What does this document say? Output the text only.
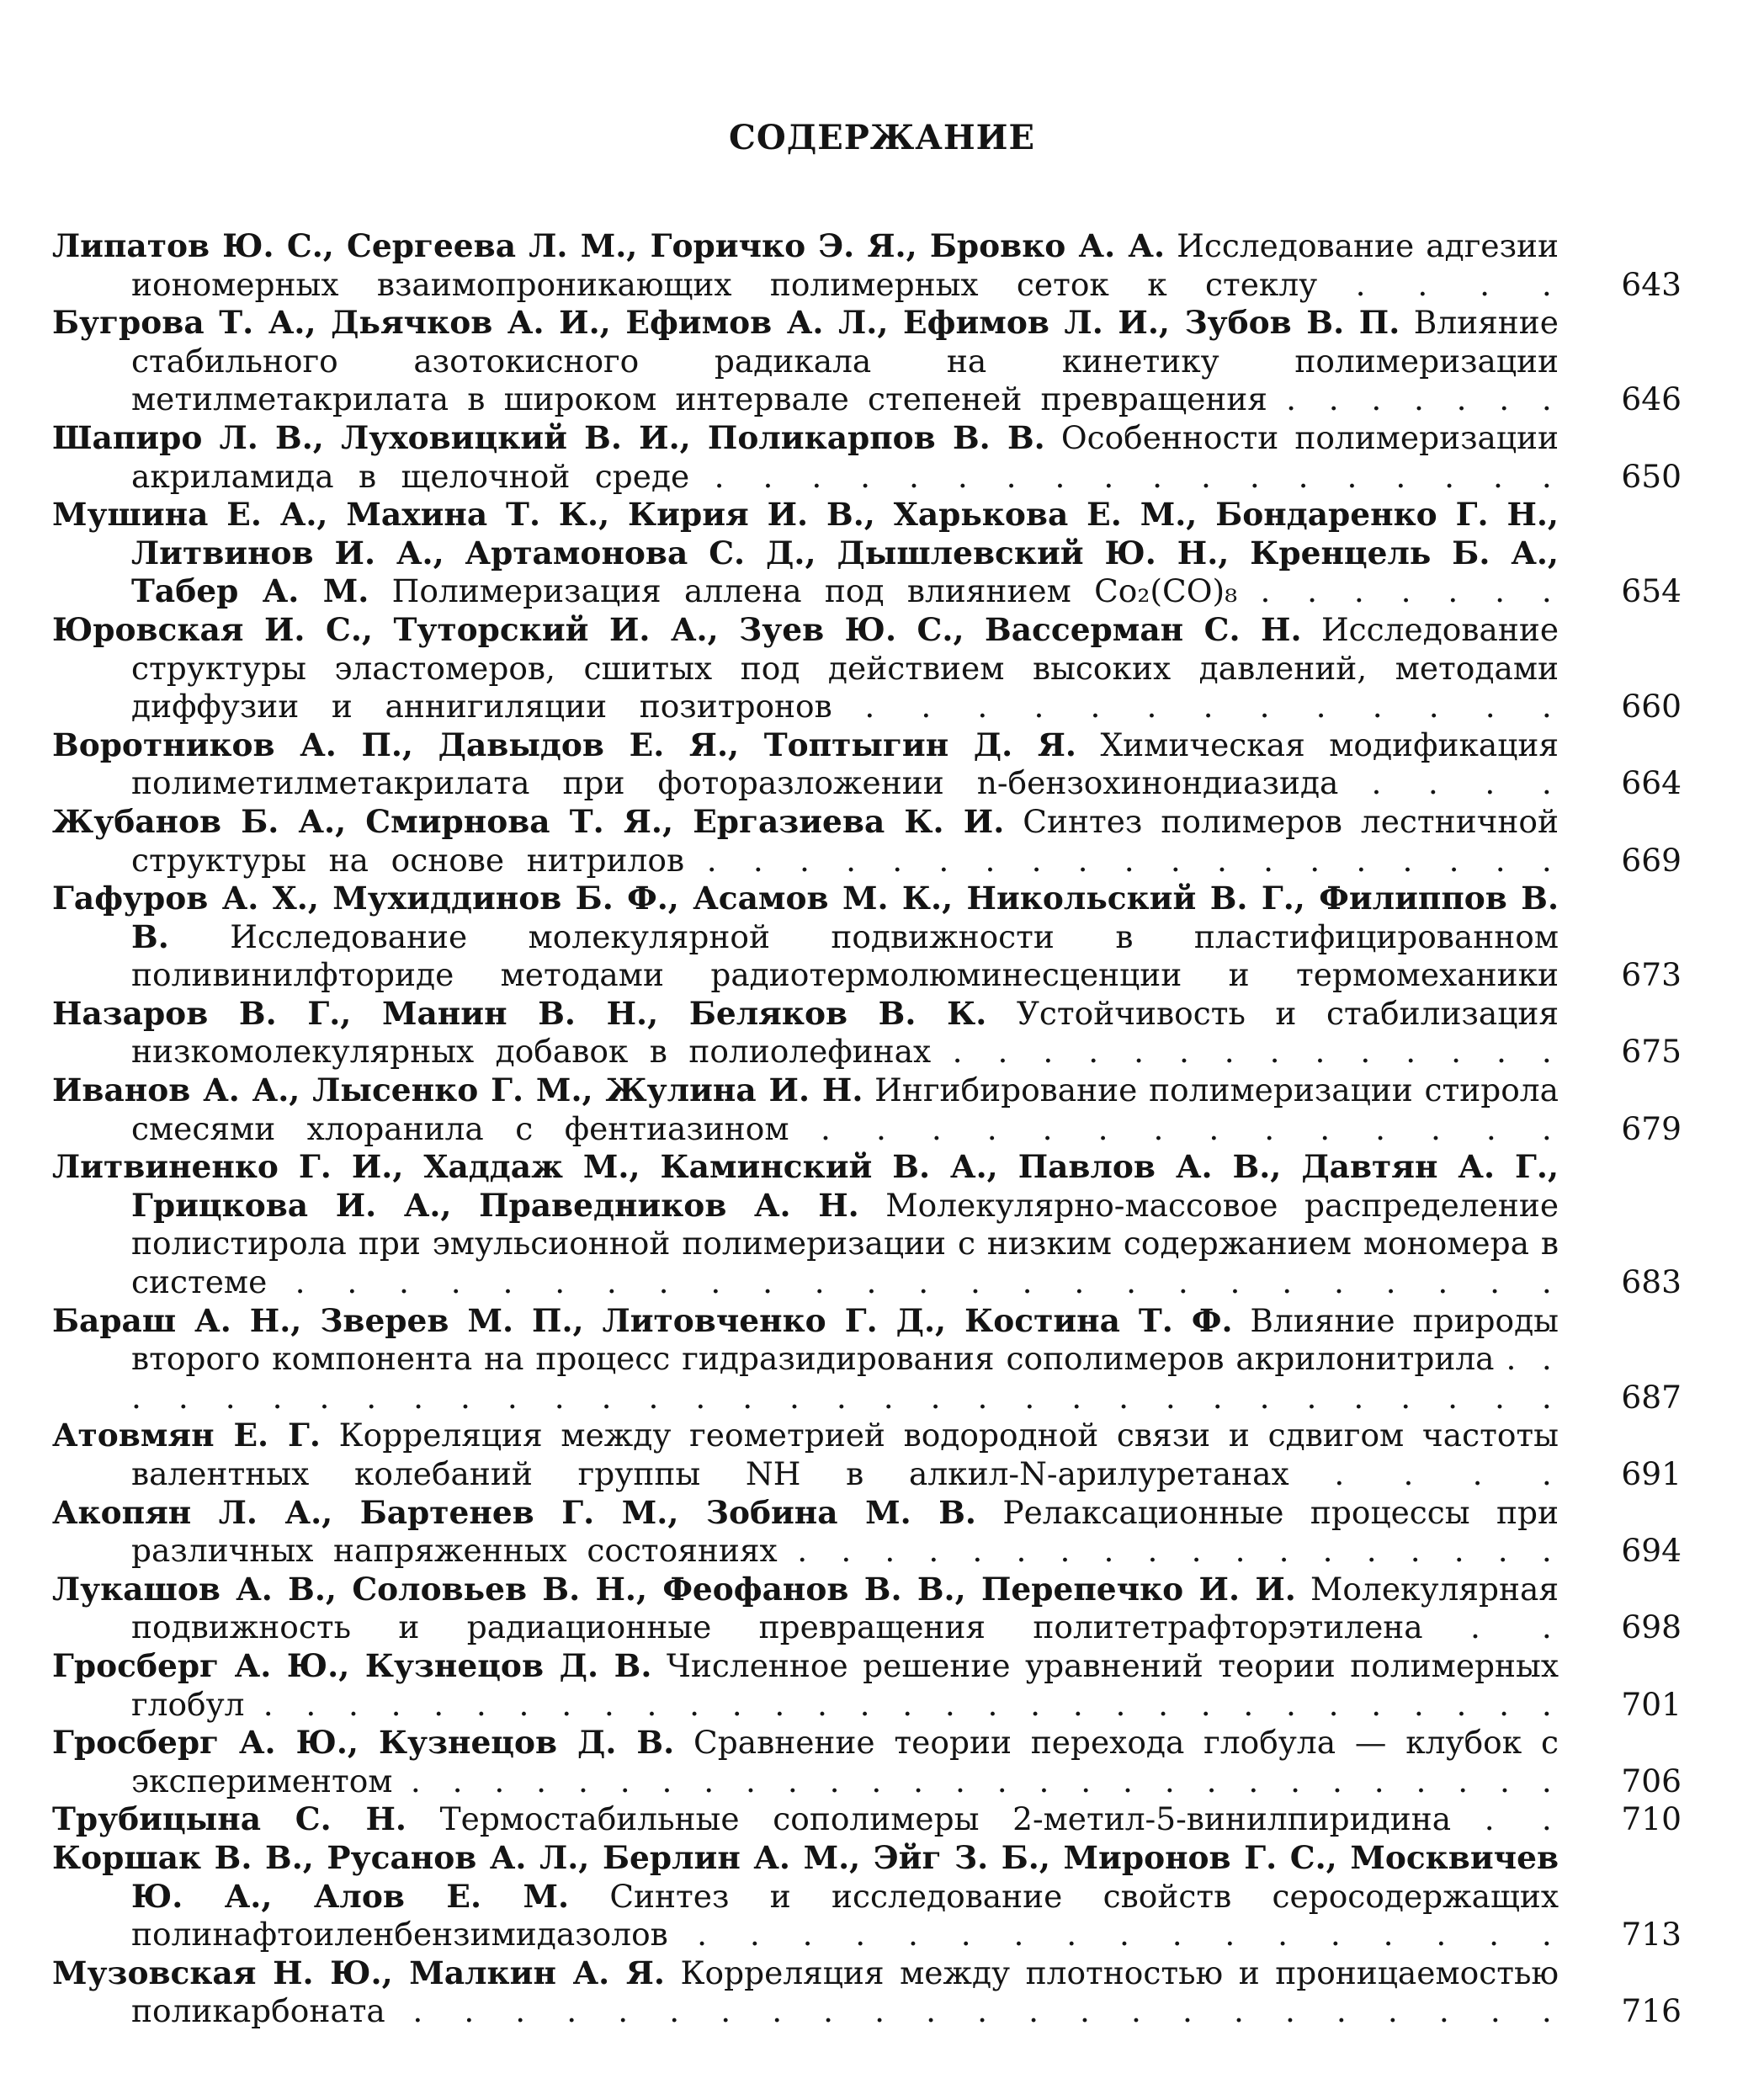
СОДЕРЖАНИЕ
Липатов Ю. С., Сергеева Л. М., Горичко Э. Я., Бровко А. А. Исследование адгезии иономерных взаимопроникающих полимерных сеток к стеклу . . . .	643
Бугрова Т. А., Дьячков А. И., Ефимов А. Л., Ефимов Л. И., Зубов В. П. Влияние стабильного азотокисного радикала на кинетику полимеризации метилметакрилата в широком интервале степеней превращения . . . . . . .	646
Шапиро Л. В., Луховицкий В. И., Поликарпов В. В. Особенности полимеризации акриламида в щелочной среде . . . . . . . . . . . . . . . . . .	650
Мушина Е. А., Махина Т. К., Кирия И. В., Харькова Е. М., Бондаренко Г. Н., Литвинов И. А., Артамонова С. Д., Дышлевский Ю. Н., Кренцель Б. А., Табер А. М. Полимеризация аллена под влиянием Co₂(CO)₈ . . . . . . .	654
Юровская И. С., Туторский И. А., Зуев Ю. С., Вассерман С. Н. Исследование структуры эластомеров, сшитых под действием высоких давлений, методами диффузии и аннигиляции позитронов . . . . . . . . . . . . .	660
Воротников А. П., Давыдов Е. Я., Топтыгин Д. Я. Химическая модификация полиметилметакрилата при фоторазложении n-бензохинондиазида . . . .	664
Жубанов Б. А., Смирнова Т. Я., Ергазиева К. И. Синтез полимеров лестничной структуры на основе нитрилов . . . . . . . . . . . . . . . . . . .	669
Гафуров А. Х., Мухиддинов Б. Ф., Асамов М. К., Никольский В. Г., Филиппов В. В. Исследование молекулярной подвижности в пластифицированном поливинилфториде методами радиотермолюминесценции и термомеханики	673
Назаров В. Г., Манин В. Н., Беляков В. К. Устойчивость и стабилизация низкомолекулярных добавок в полиолефинах . . . . . . . . . . . . . .	675
Иванов А. А., Лысенко Г. М., Жулина И. Н. Ингибирование полимеризации стирола смесями хлоранила с фентиазином . . . . . . . . . . . . . .	679
Литвиненко Г. И., Хаддаж М., Каминский В. А., Павлов А. В., Давтян А. Г., Грицкова И. А., Праведников А. Н. Молекулярно-массовое распределение полистирола при эмульсионной полимеризации с низким содержанием мономера в системе . . . . . . . . . . . . . . . . . . . . . . . . .	683
Бараш А. Н., Зверев М. П., Литовченко Г. Д., Костина Т. Ф. Влияние природы второго компонента на процесс гидразидирования сополимеров акрилонитрила . . . . . . . . . . . . . . . . . . . . . . . . . . . . . . . . .	687
Атовмян Е. Г. Корреляция между геометрией водородной связи и сдвигом частоты валентных колебаний группы NH в алкил-N-арилуретанах . . . .	691
Акопян Л. А., Бартенев Г. М., Зобина М. В. Релаксационные процессы при различных напряженных состояниях . . . . . . . . . . . . . . . . . .	694
Лукашов А. В., Соловьев В. Н., Феофанов В. В., Перепечко И. И. Молекулярная подвижность и радиационные превращения политетрафторэтилена . .	698
Гросберг А. Ю., Кузнецов Д. В. Численное решение уравнений теории полимерных глобул . . . . . . . . . . . . . . . . . . . . . . . . . . . . . . .	701
Гросберг А. Ю., Кузнецов Д. В. Сравнение теории перехода глобула — клубок с экспериментом . . . . . . . . . . . . . . . . . . . . . . . . . . . .	706
Трубицына С. Н. Термостабильные сополимеры 2-метил-5-винилпиридина . .	710
Коршак В. В., Русанов А. Л., Берлин А. М., Эйг З. Б., Миронов Г. С., Москвичев Ю. А., Алов Е. М. Синтез и исследование свойств серосодержащих полинафтоиленбензимидазолов . . . . . . . . . . . . . . . . .	713
Музовская Н. Ю., Малкин А. Я. Корреляция между плотностью и проницаемостью поликарбоната . . . . . . . . . . . . . . . . . . . . . . .	716
